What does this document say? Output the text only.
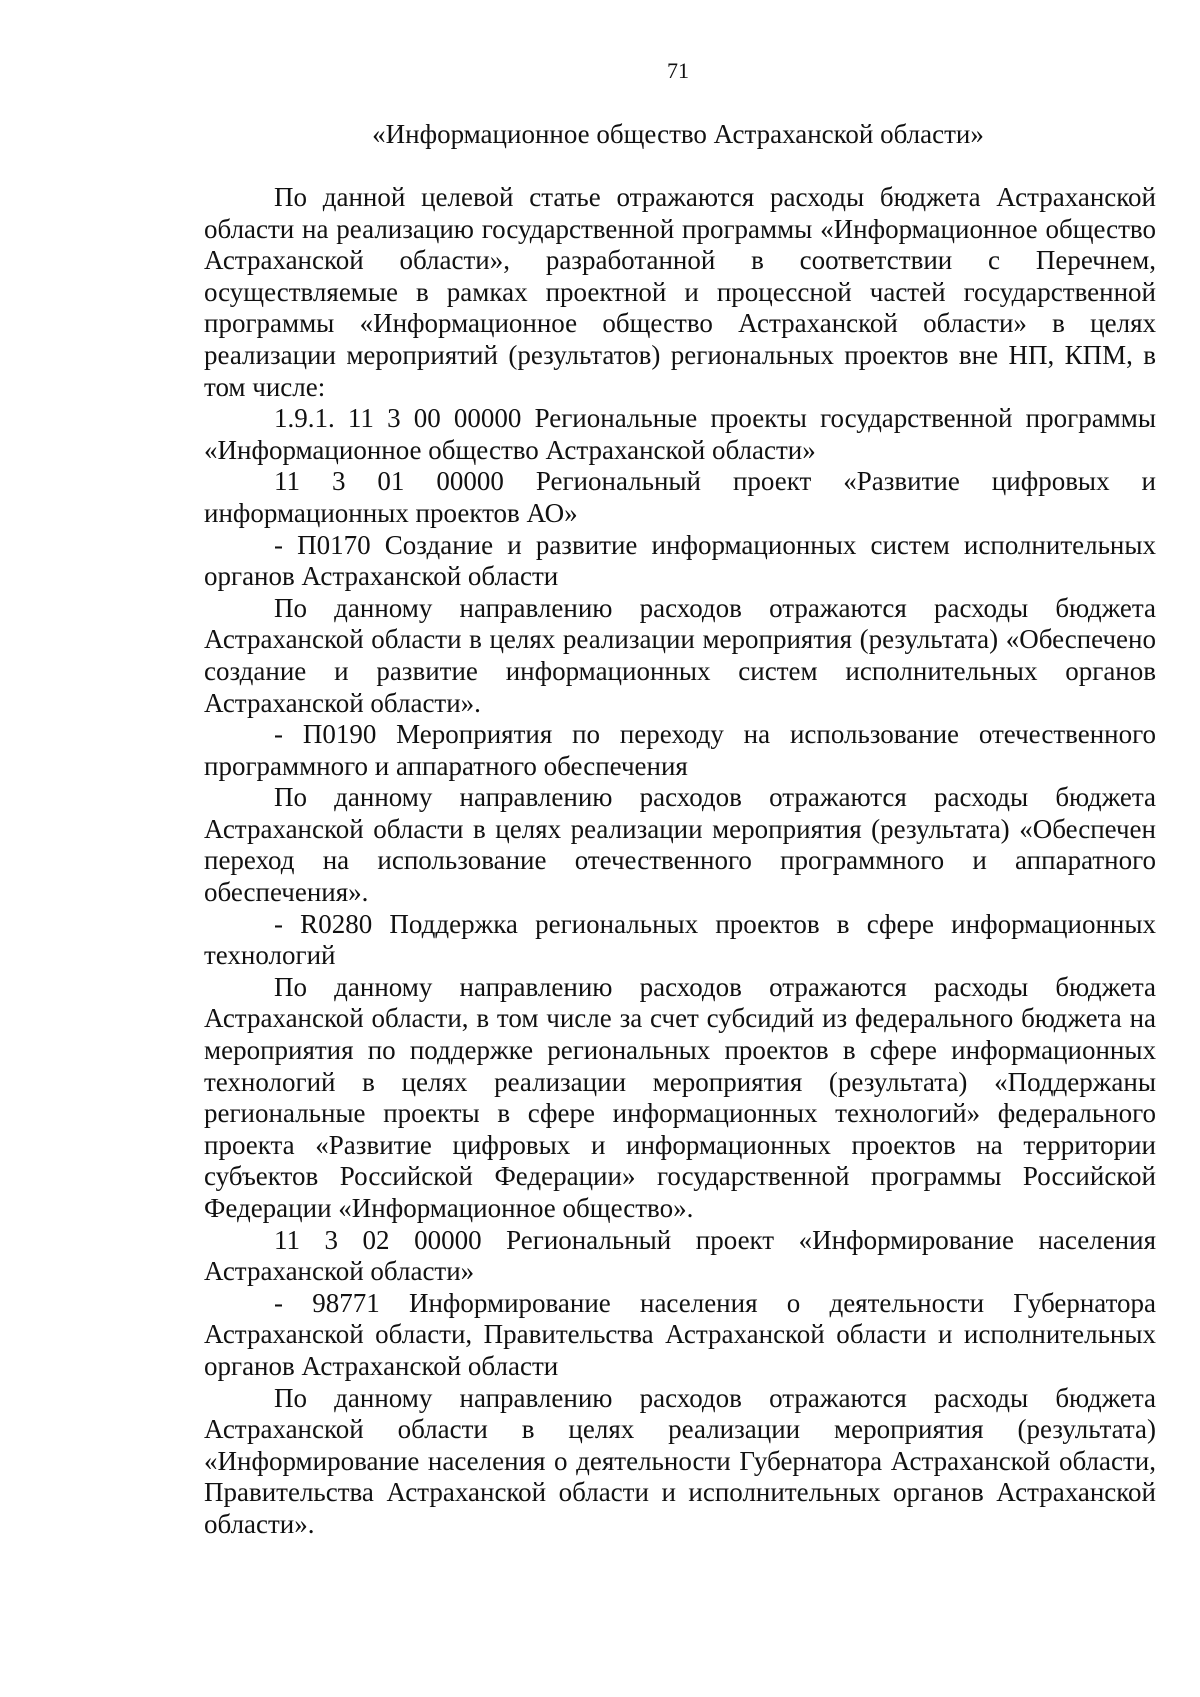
71
«Информационное общество Астраханской области»

По данной целевой статье отражаются расходы бюджета Астраханской области на реализацию государственной программы «Информационное общество Астраханской области», разработанной в соответствии с Перечнем, осуществляемые в рамках проектной и процессной частей государственной программы «Информационное общество Астраханской области» в целях реализации мероприятий (результатов) региональных проектов вне НП, КПМ, в том числе:

1.9.1. 11 3 00 00000 Региональные проекты государственной программы «Информационное общество Астраханской области»

11 3 01 00000 Региональный проект «Развитие цифровых и информационных проектов АО»

- П0170 Создание и развитие информационных систем исполнительных органов Астраханской области

По данному направлению расходов отражаются расходы бюджета Астраханской области в целях реализации мероприятия (результата) «Обеспечено создание и развитие информационных систем исполнительных органов Астраханской области».

- П0190 Мероприятия по переходу на использование отечественного программного и аппаратного обеспечения

По данному направлению расходов отражаются расходы бюджета Астраханской области в целях реализации мероприятия (результата) «Обеспечен переход на использование отечественного программного и аппаратного обеспечения».

- R0280 Поддержка региональных проектов в сфере информационных технологий

По данному направлению расходов отражаются расходы бюджета Астраханской области, в том числе за счет субсидий из федерального бюджета на мероприятия по поддержке региональных проектов в сфере информационных технологий в целях реализации мероприятия (результата) «Поддержаны региональные проекты в сфере информационных технологий» федерального проекта «Развитие цифровых и информационных проектов на территории субъектов Российской Федерации» государственной программы Российской Федерации «Информационное общество».

11 3 02 00000 Региональный проект «Информирование населения Астраханской области»

- 98771 Информирование населения о деятельности Губернатора Астраханской области, Правительства Астраханской области и исполнительных органов Астраханской области

По данному направлению расходов отражаются расходы бюджета Астраханской области в целях реализации мероприятия (результата) «Информирование населения о деятельности Губернатора Астраханской области, Правительства Астраханской области и исполнительных органов Астраханской области».
